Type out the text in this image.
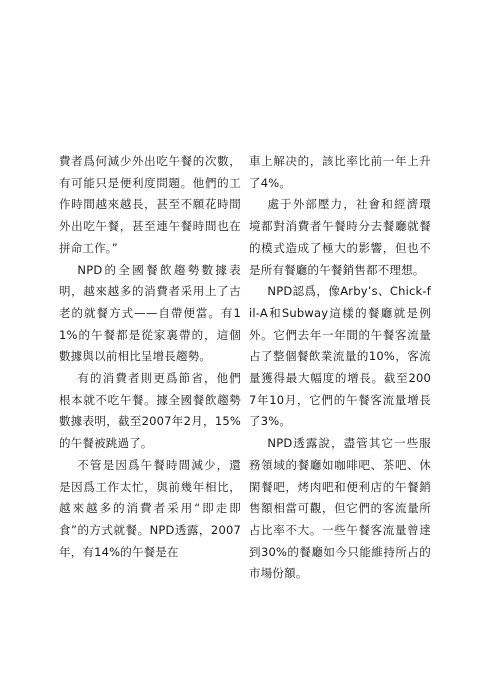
費者爲何減少外出吃午餐的次數，有可能只是便利度問題。他們的工作時間越來越長，甚至不願花時間外出吃午餐，甚至連午餐時間也在拼命工作。”

NPD的全國餐飲趨勢數據表明，越來越多的消費者采用上了古老的就餐方式——自帶便當。有11%的午餐都是從家裏帶的，這個數據與以前相比呈增長趨勢。

有的消費者則更爲節省，他們根本就不吃午餐。據全國餐飲趨勢數據表明，截至2007年2月，15%的午餐被跳過了。

不管是因爲午餐時間減少，還是因爲工作太忙，與前幾年相比，越來越多的消費者采用“即走即食”的方式就餐。NPD透露，2007年，有14%的午餐是在

車上解决的，該比率比前一年上升了4%。

處于外部壓力，社會和經濟環境都對消費者午餐時分去餐廳就餐的模式造成了極大的影響，但也不是所有餐廳的午餐銷售都不理想。

NPD認爲，像Arby’s、Chick-fil-A和Subway這樣的餐廳就是例外。它們去年一年間的午餐客流量占了整個餐飲業流量的10%，客流量獲得最大幅度的增長。截至2007年10月，它們的午餐客流量增長了3%。

NPD透露說，盡管其它一些服務領域的餐廳如咖啡吧、茶吧、休閑餐吧，烤肉吧和便利店的午餐銷售額相當可觀，但它們的客流量所占比率不大。一些午餐客流量曾達到30%的餐廳如今只能維持所占的市場份額。
